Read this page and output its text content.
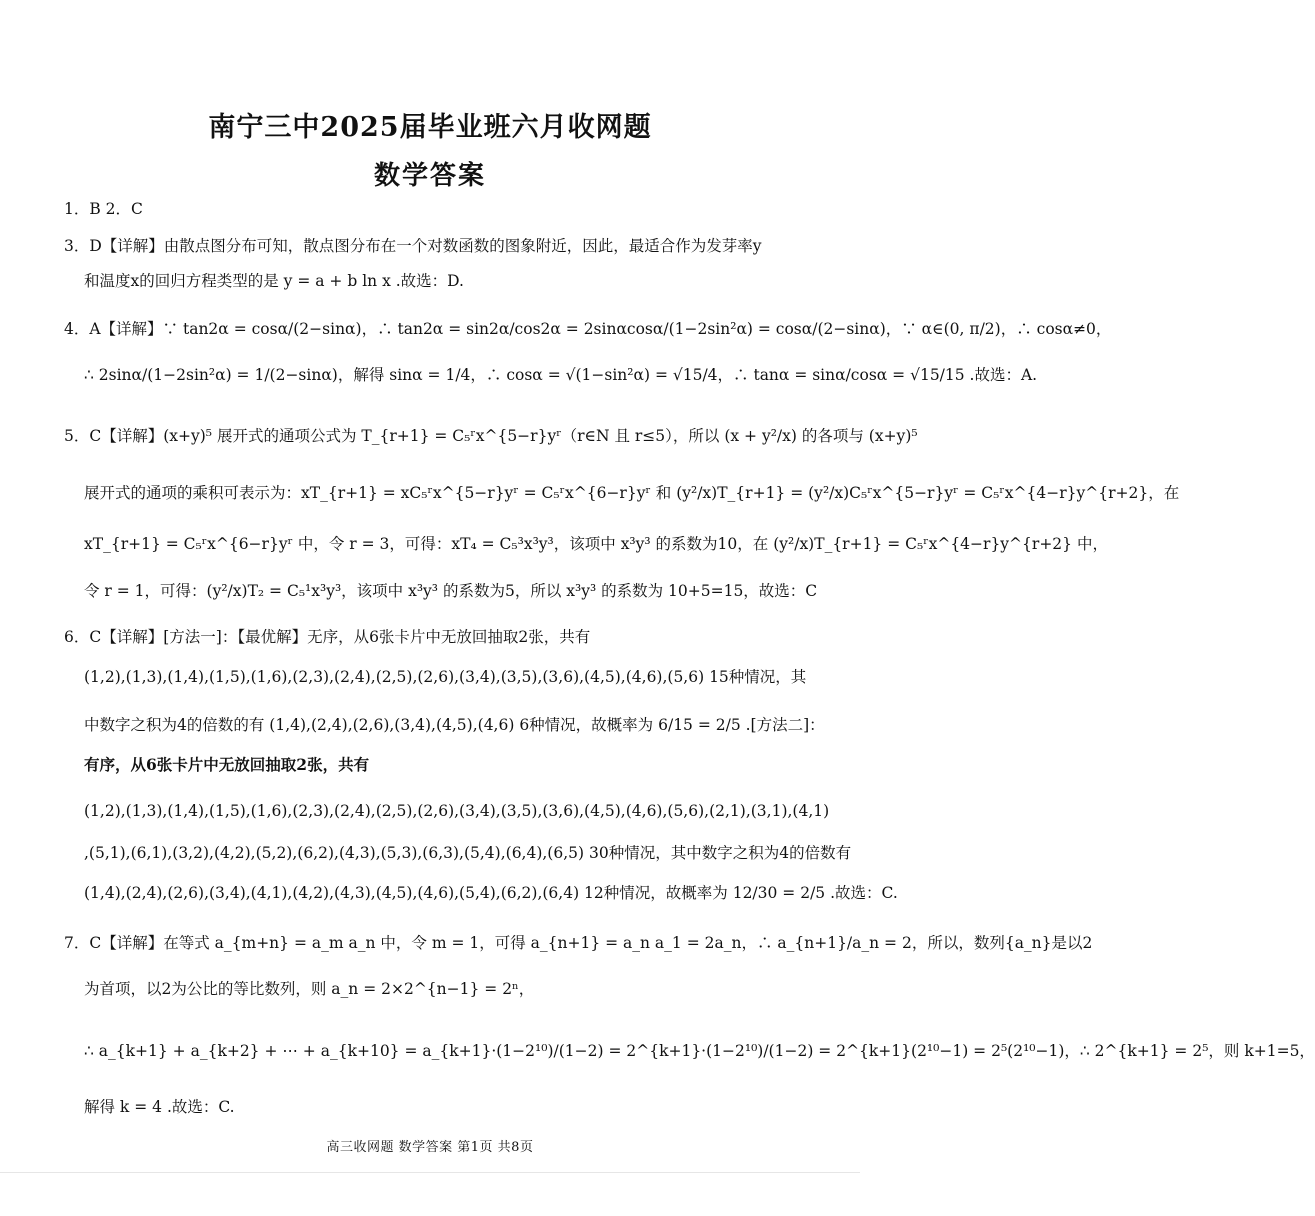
南宁三中2025届毕业班六月收网题
数学答案
1．B 2．C
3．D【详解】由散点图分布可知，散点图分布在一个对数函数的图象附近，因此，最适合作为发芽率y
和温度x的回归方程类型的是 y = a + b ln x .故选：D.
4．A【详解】∵ tan2α = cosα/(2−sinα)，∴ tan2α = sin2α/cos2α = 2sinαcosα/(1−2sin²α) = cosα/(2−sinα)，∵ α∈(0, π/2)，∴ cosα≠0，
∴ 2sinα/(1−2sin²α) = 1/(2−sinα)，解得 sinα = 1/4，∴ cosα = √(1−sin²α) = √15/4，∴ tanα = sinα/cosα = √15/15 .故选：A.
5．C【详解】(x+y)⁵ 展开式的通项公式为 T_{r+1} = C₅ʳx^{5−r}yʳ（r∈N 且 r≤5），所以 (x + y²/x) 的各项与 (x+y)⁵
展开式的通项的乘积可表示为：xT_{r+1} = xC₅ʳx^{5−r}yʳ = C₅ʳx^{6−r}yʳ 和 (y²/x)T_{r+1} = (y²/x)C₅ʳx^{5−r}yʳ = C₅ʳx^{4−r}y^{r+2}，在
xT_{r+1} = C₅ʳx^{6−r}yʳ 中，令 r = 3，可得：xT₄ = C₅³x³y³，该项中 x³y³ 的系数为10，在 (y²/x)T_{r+1} = C₅ʳx^{4−r}y^{r+2} 中，
令 r = 1，可得：(y²/x)T₂ = C₅¹x³y³，该项中 x³y³ 的系数为5，所以 x³y³ 的系数为 10+5=15，故选：C
6．C【详解】[方法一]：【最优解】无序，从6张卡片中无放回抽取2张，共有
(1,2),(1,3),(1,4),(1,5),(1,6),(2,3),(2,4),(2,5),(2,6),(3,4),(3,5),(3,6),(4,5),(4,6),(5,6) 15种情况，其
中数字之积为4的倍数的有 (1,4),(2,4),(2,6),(3,4),(4,5),(4,6) 6种情况，故概率为 6/15 = 2/5 .[方法二]：
有序，从6张卡片中无放回抽取2张，共有
(1,2),(1,3),(1,4),(1,5),(1,6),(2,3),(2,4),(2,5),(2,6),(3,4),(3,5),(3,6),(4,5),(4,6),(5,6),(2,1),(3,1),(4,1)
,(5,1),(6,1),(3,2),(4,2),(5,2),(6,2),(4,3),(5,3),(6,3),(5,4),(6,4),(6,5) 30种情况，其中数字之积为4的倍数有
(1,4),(2,4),(2,6),(3,4),(4,1),(4,2),(4,3),(4,5),(4,6),(5,4),(6,2),(6,4) 12种情况，故概率为 12/30 = 2/5 .故选：C.
7．C【详解】在等式 a_{m+n} = a_m a_n 中，令 m = 1，可得 a_{n+1} = a_n a_1 = 2a_n，∴ a_{n+1}/a_n = 2，所以，数列{a_n}是以2
为首项，以2为公比的等比数列，则 a_n = 2×2^{n−1} = 2ⁿ，
∴ a_{k+1} + a_{k+2} + ⋯ + a_{k+10} = a_{k+1}·(1−2¹⁰)/(1−2) = 2^{k+1}·(1−2¹⁰)/(1−2) = 2^{k+1}(2¹⁰−1) = 2⁵(2¹⁰−1)，∴ 2^{k+1} = 2⁵，则 k+1=5，
解得 k = 4 .故选：C.
高三收网题 数学答案 第1页 共8页
